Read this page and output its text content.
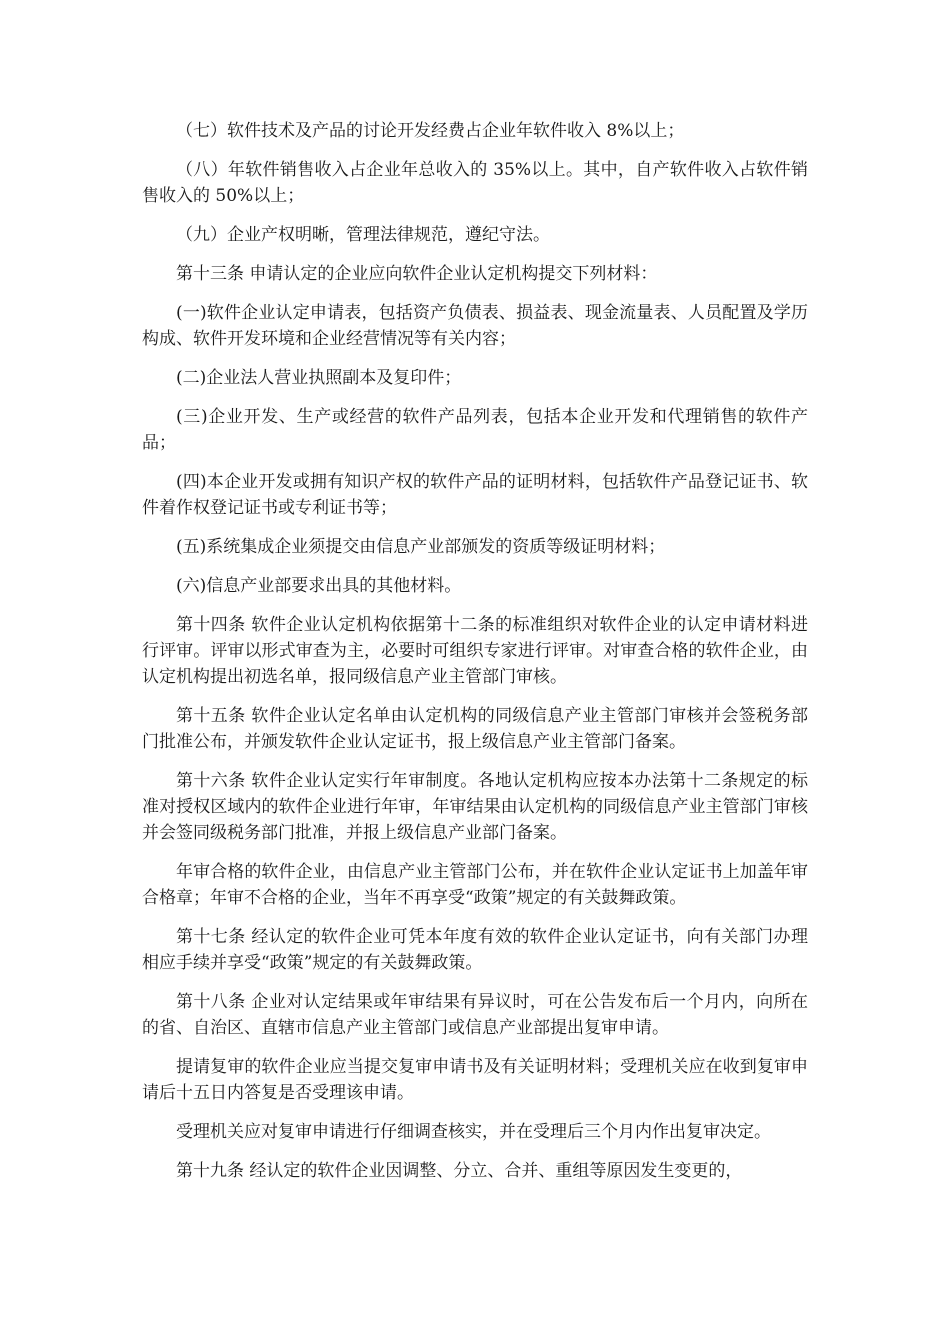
（七）软件技术及产品的讨论开发经费占企业年软件收入 8%以上；

（八）年软件销售收入占企业年总收入的 35%以上。其中，自产软件收入占软件销售收入的 50%以上；

（九）企业产权明晰，管理法律规范，遵纪守法。

第十三条 申请认定的企业应向软件企业认定机构提交下列材料：

(一)软件企业认定申请表，包括资产负债表、损益表、现金流量表、人员配置及学历构成、软件开发环境和企业经营情况等有关内容；

(二)企业法人营业执照副本及复印件；

(三)企业开发、生产或经营的软件产品列表，包括本企业开发和代理销售的软件产品；

(四)本企业开发或拥有知识产权的软件产品的证明材料，包括软件产品登记证书、软件着作权登记证书或专利证书等；

(五)系统集成企业须提交由信息产业部颁发的资质等级证明材料；

(六)信息产业部要求出具的其他材料。

第十四条 软件企业认定机构依据第十二条的标准组织对软件企业的认定申请材料进行评审。评审以形式审查为主，必要时可组织专家进行评审。对审查合格的软件企业，由认定机构提出初选名单，报同级信息产业主管部门审核。

第十五条 软件企业认定名单由认定机构的同级信息产业主管部门审核并会签税务部门批准公布，并颁发软件企业认定证书，报上级信息产业主管部门备案。

第十六条 软件企业认定实行年审制度。各地认定机构应按本办法第十二条规定的标准对授权区域内的软件企业进行年审，年审结果由认定机构的同级信息产业主管部门审核并会签同级税务部门批准，并报上级信息产业部门备案。

年审合格的软件企业，由信息产业主管部门公布，并在软件企业认定证书上加盖年审合格章；年审不合格的企业，当年不再享受“政策”规定的有关鼓舞政策。

第十七条 经认定的软件企业可凭本年度有效的软件企业认定证书，向有关部门办理相应手续并享受“政策”规定的有关鼓舞政策。

第十八条 企业对认定结果或年审结果有异议时，可在公告发布后一个月内，向所在的省、自治区、直辖市信息产业主管部门或信息产业部提出复审申请。

提请复审的软件企业应当提交复审申请书及有关证明材料；受理机关应在收到复审申请后十五日内答复是否受理该申请。

受理机关应对复审申请进行仔细调查核实，并在受理后三个月内作出复审决定。

第十九条 经认定的软件企业因调整、分立、合并、重组等原因发生变更的，
